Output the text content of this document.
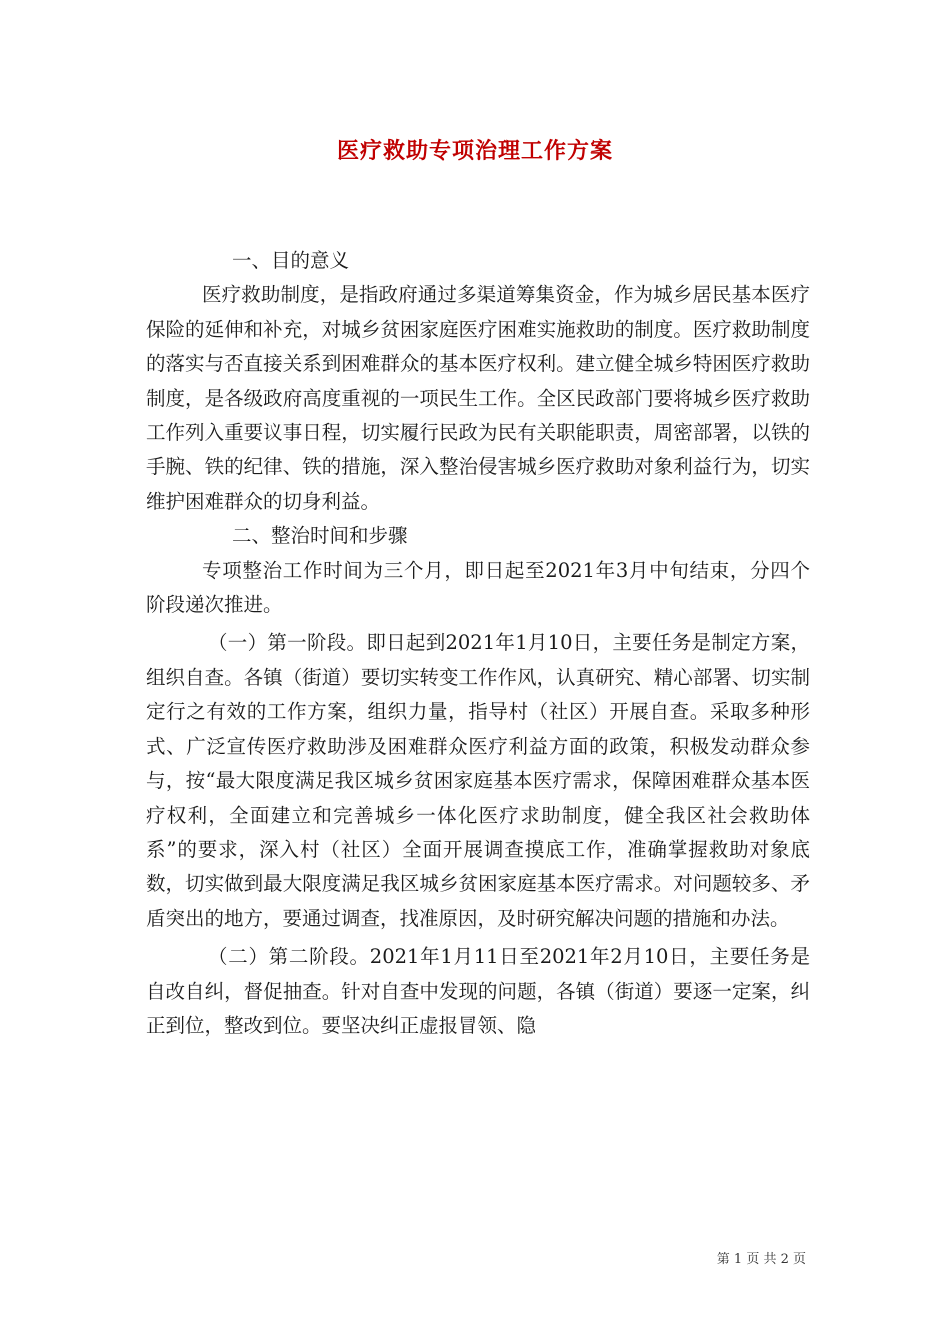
医疗救助专项治理工作方案

一、目的意义

医疗救助制度，是指政府通过多渠道筹集资金，作为城乡居民基本医疗保险的延伸和补充，对城乡贫困家庭医疗困难实施救助的制度。医疗救助制度的落实与否直接关系到困难群众的基本医疗权利。建立健全城乡特困医疗救助制度，是各级政府高度重视的一项民生工作。全区民政部门要将城乡医疗救助工作列入重要议事日程，切实履行民政为民有关职能职责，周密部署，以铁的手腕、铁的纪律、铁的措施，深入整治侵害城乡医疗救助对象利益行为，切实维护困难群众的切身利益。

二、整治时间和步骤

专项整治工作时间为三个月，即日起至2021年3月中旬结束，分四个阶段递次推进。

（一）第一阶段。即日起到2021年1月10日，主要任务是制定方案，组织自查。各镇（街道）要切实转变工作作风，认真研究、精心部署、切实制定行之有效的工作方案，组织力量，指导村（社区）开展自查。采取多种形式、广泛宣传医疗救助涉及困难群众医疗利益方面的政策，积极发动群众参与，按“最大限度满足我区城乡贫困家庭基本医疗需求，保障困难群众基本医疗权利，全面建立和完善城乡一体化医疗求助制度，健全我区社会救助体系”的要求，深入村（社区）全面开展调查摸底工作，准确掌握救助对象底数，切实做到最大限度满足我区城乡贫困家庭基本医疗需求。对问题较多、矛盾突出的地方，要通过调查，找准原因，及时研究解决问题的措施和办法。

（二）第二阶段。2021年1月11日至2021年2月10日，主要任务是自改自纠，督促抽查。针对自查中发现的问题，各镇（街道）要逐一定案，纠正到位，整改到位。要坚决纠正虚报冒领、隐

第 1 页 共 2 页
